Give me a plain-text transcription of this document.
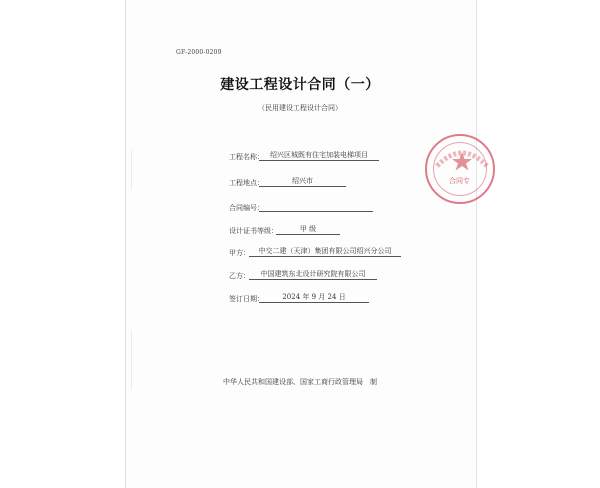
GF-2000-0209
建设工程设计合同（一）
（民用建设工程设计合同）
工程名称： 绍兴区城既有住宅加装电梯项目
工程地点：	绍兴市
合同编号：
设计证书等级：	甲 级
甲方：	中交二建（天津）集团有限公司绍兴分公司
乙方：	中国建筑东北设计研究院有限公司
签订日期：	2024 年 9 月 24 日
中华人民共和国建设部、国家工商行政管理局　制
合同专
